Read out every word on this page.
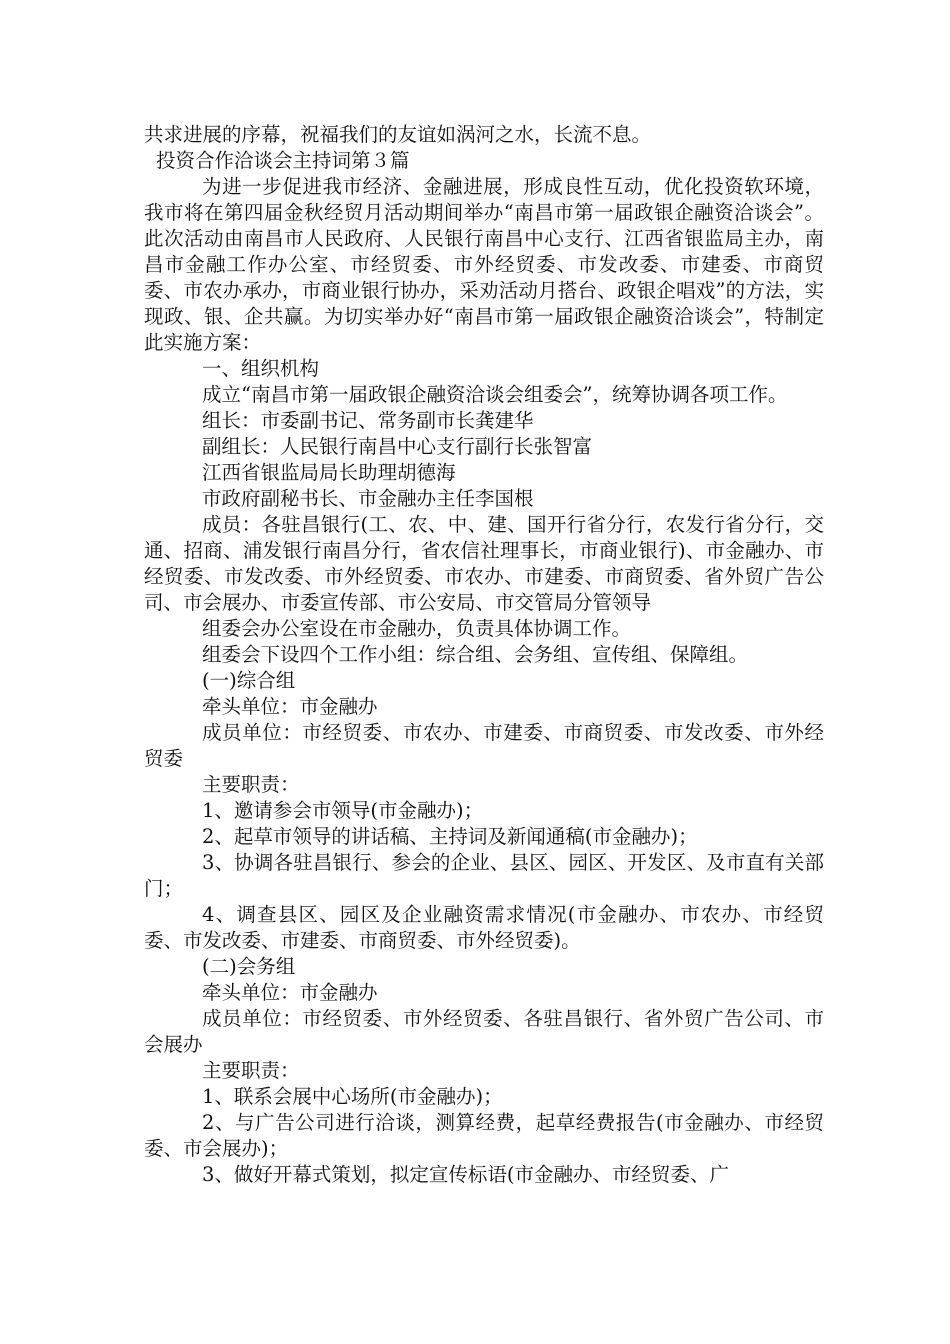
共求进展的序幕，祝福我们的友谊如涡河之水，长流不息。

投资合作洽谈会主持词第３篇

为进一步促进我市经济、金融进展，形成良性互动，优化投资软环境，我市将在第四届金秋经贸月活动期间举办“南昌市第一届政银企融资洽谈会”。此次活动由南昌市人民政府、人民银行南昌中心支行、江西省银监局主办，南昌市金融工作办公室、市经贸委、市外经贸委、市发改委、市建委、市商贸委、市农办承办，市商业银行协办，采劝活动月搭台、政银企唱戏”的方法，实现政、银、企共赢。为切实举办好“南昌市第一届政银企融资洽谈会”，特制定此实施方案：

一、组织机构

成立“南昌市第一届政银企融资洽谈会组委会”，统筹协调各项工作。

组长：市委副书记、常务副市长龚建华

副组长：人民银行南昌中心支行副行长张智富

江西省银监局局长助理胡德海

市政府副秘书长、市金融办主任李国根

成员：各驻昌银行(工、农、中、建、国开行省分行，农发行省分行，交通、招商、浦发银行南昌分行，省农信社理事长，市商业银行)、市金融办、市经贸委、市发改委、市外经贸委、市农办、市建委、市商贸委、省外贸广告公司、市会展办、市委宣传部、市公安局、市交管局分管领导

组委会办公室设在市金融办，负责具体协调工作。

组委会下设四个工作小组：综合组、会务组、宣传组、保障组。

(一)综合组

牵头单位：市金融办

成员单位：市经贸委、市农办、市建委、市商贸委、市发改委、市外经贸委

主要职责：

1、邀请参会市领导(市金融办)；

2、起草市领导的讲话稿、主持词及新闻通稿(市金融办)；

3、协调各驻昌银行、参会的企业、县区、园区、开发区、及市直有关部门；

4、调查县区、园区及企业融资需求情况(市金融办、市农办、市经贸委、市发改委、市建委、市商贸委、市外经贸委)。

(二)会务组

牵头单位：市金融办

成员单位：市经贸委、市外经贸委、各驻昌银行、省外贸广告公司、市会展办

主要职责：

1、联系会展中心场所(市金融办)；

2、与广告公司进行洽谈，测算经费，起草经费报告(市金融办、市经贸委、市会展办)；

3、做好开幕式策划，拟定宣传标语(市金融办、市经贸委、广
